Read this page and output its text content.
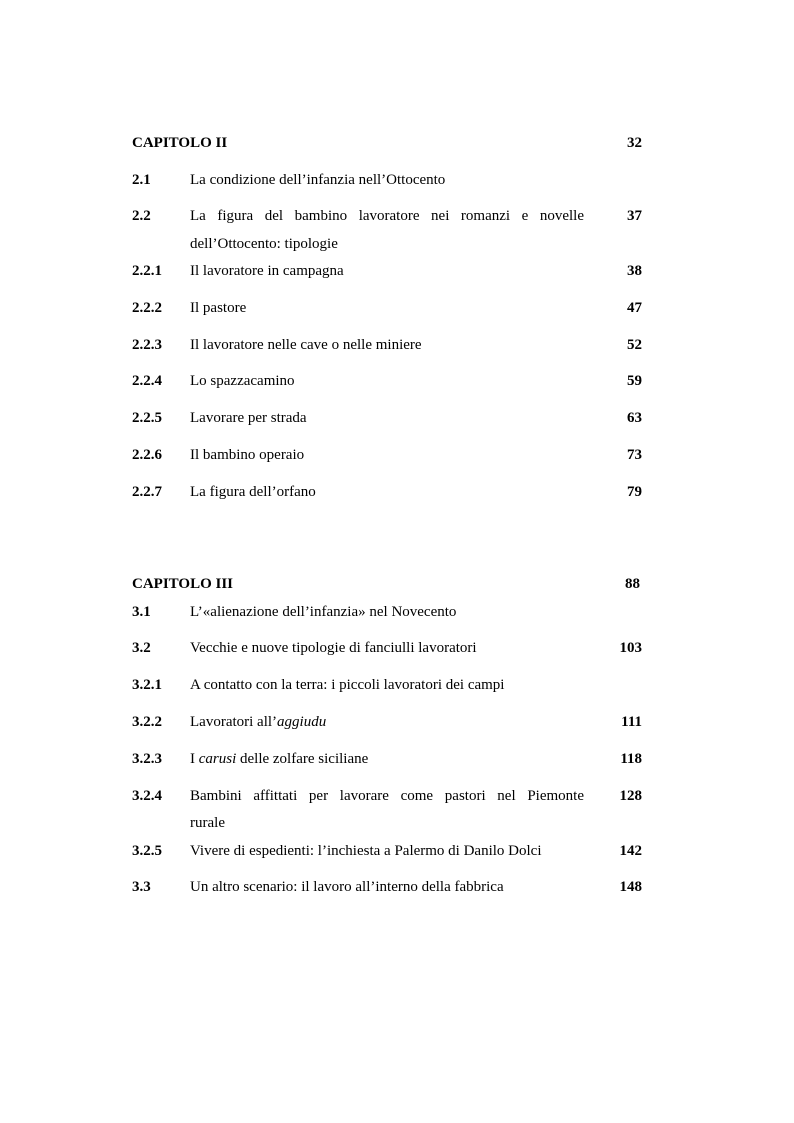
CAPITOLO II	32
2.1	La condizione dell’infanzia nell’Ottocento
2.2	La figura del bambino lavoratore nei romanzi e novelle	37
dell’Ottocento: tipologie
2.2.1 Il lavoratore in campagna	38
2.2.2 Il pastore	47
2.2.3 Il lavoratore nelle cave o nelle miniere	52
2.2.4 Lo spazzacamino	59
2.2.5 Lavorare per strada	63
2.2.6 Il bambino operaio	73
2.2.7 La figura dell’orfano	79
CAPITOLO III	88
3.1	L’«alienazione dell’infanzia» nel Novecento
3.2	Vecchie e nuove tipologie di fanciulli lavoratori	103
3.2.1 A contatto con la terra: i piccoli lavoratori dei campi
3.2.2 Lavoratori all’aggiudu	111
3.2.3 I carusi delle zolfare siciliane	118
3.2.4 Bambini affittati per lavorare come pastori nel Piemonte 128
rurale
3.2.5 Vivere di espedienti: l’inchiesta a Palermo di Danilo Dolci	142
3.3	Un altro scenario: il lavoro all’interno della fabbrica	148
